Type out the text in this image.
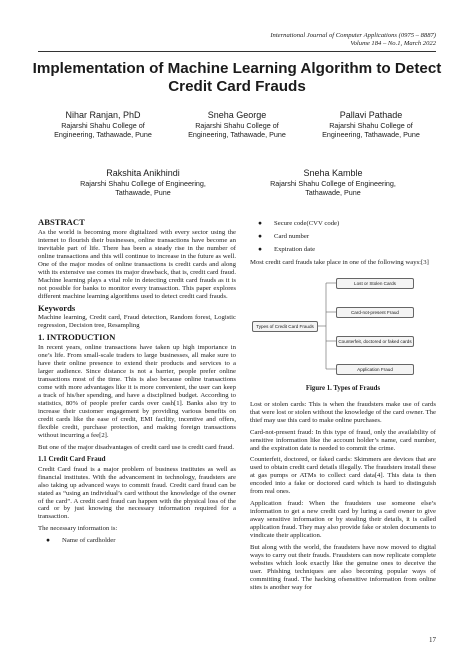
International Journal of Computer Applications (0975 – 8887)
Volume 184 – No.1, March 2022
Implementation of Machine Learning Algorithm to Detect Credit Card Frauds
Nihar Ranjan, PhD
Rajarshi Shahu College of
Engineering, Tathawade, Pune
Sneha George
Rajarshi Shahu College of
Engineering, Tathawade, Pune
Pallavi Pathade
Rajarshi Shahu College of
Engineering, Tathawade, Pune
Rakshita Anikhindi
Rajarshi Shahu College of Engineering,
Tathawade, Pune
Sneha Kamble
Rajarshi Shahu College of Engineering,
Tathawade, Pune
ABSTRACT

As the world is becoming more digitalized with every sector using the internet to flourish their businesses, online transactions have become an inevitable part of life. There has been a steady rise in the number of online transactions and this will continue to increase in the future as well. One of the major modes of online transactions is credit cards and along with its extensive use comes its major drawback, that is, credit card fraud. Machine learning plays a vital role in detecting credit card frauds as it is not possible for banks to monitor every transaction. This paper explores different machine learning algorithms used to detect credit card frauds.

Keywords

Machine learning, Credit card, Fraud detection, Random forest, Logistic regression, Decision tree, Resampling

1. INTRODUCTION

In recent years, online transactions have taken up high importance in one’s life. From small-scale traders to large businesses, all make sure to have their online presence to extend their products and services to a larger audience. Since distance is not a barrier, people prefer online transactions most of the time. This is also because online transactions come with more advantages like it is more convenient, the user can keep a track of his/her spending, and have a disciplined budget. According to statistics, 80% of people prefer cards over cash[1]. Banks also try to increase their customer engagement by providing various benefits on credit cards like the ease of credit, EMI facility, incentive and offers, flexible credit, purchase protection, and making foreign transactions without incurring a fee[2].

But one of the major disadvantages of credit card use is credit card fraud.

1.1 Credit Card Fraud

Credit Card fraud is a major problem of business institutes as well as financial institutes. With the advancement in technology, fraudsters are also taking up advanced ways to commit fraud. Credit card fraud can be stated as “using an individual’s card without the knowledge of the owner of the card”. A credit card fraud can happen with the physical loss of the card or by just knowing the necessary information required for a transaction.

The necessary information is:

● Name of cardholder
● Secure code(CVV code)
● Card number
● Expiration date

Most credit card frauds take place in one of the following ways:[3]

Types of Credit Card Frauds
Lost or Stolen Cards
Card-not-present Fraud
Counterfeit, doctored or faked cards
Application Fraud
Figure 1. Types of Frauds

Lost or stolen cards: This is when the fraudsters make use of cards that were lost or stolen without the knowledge of the card owner. The thief may use this card to make online purchases.

Card-not-present fraud: In this type of fraud, only the availability of sensitive information like the account holder’s name, card number, and the expiration date is needed to commit the crime.

Counterfeit, doctored, or faked cards: Skimmers are devices that are used to obtain credit card details illegally. The fraudsters install these at gas pumps or ATMs to collect card data[4]. This data is then encoded into a fake or doctored card which is hard to distinguish from real ones.

Application fraud: When the fraudsters use someone else’s information to get a new credit card by luring a card owner to give away sensitive information or by stealing their details, it is called application fraud. They may also provide fake or stolen documents to vindicate their application.

But along with the world, the fraudsters have now moved to digital ways to carry out their frauds. Fraudsters can now replicate complete websites which look exactly like the genuine ones to deceive the user. Phishing techniques are also becoming popular ways of committing fraud. The hacking ofsensitive information from online sites is another way for

17
